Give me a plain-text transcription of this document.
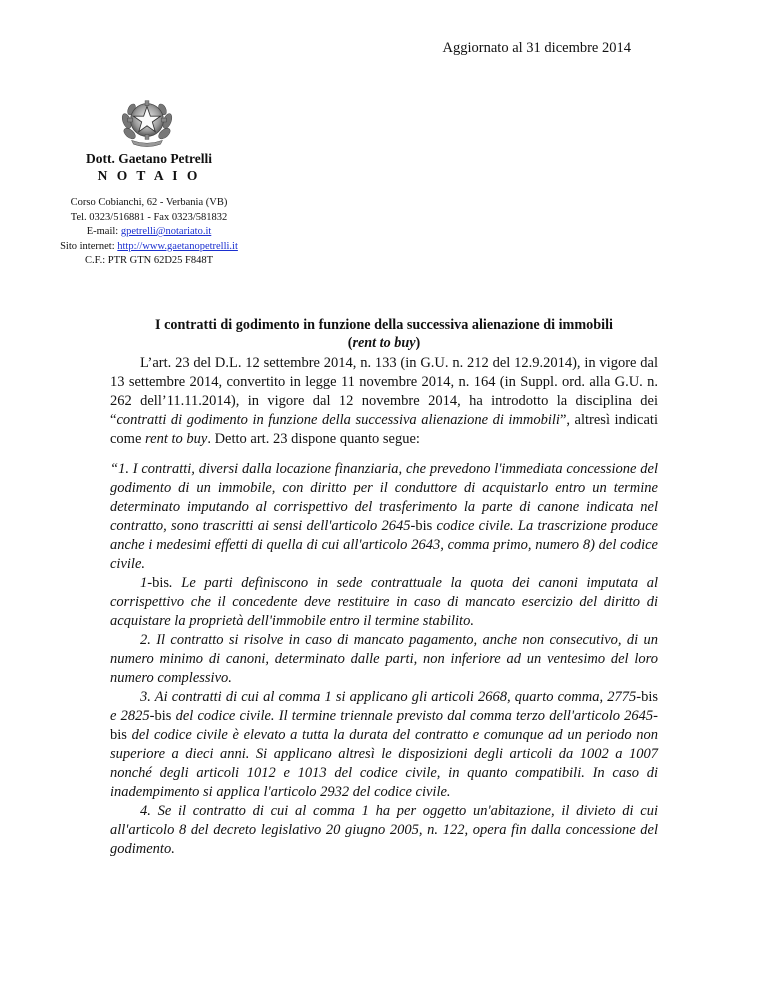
Aggiornato al 31 dicembre 2014
Dott. Gaetano Petrelli
N O T A I O
Corso Cobianchi, 62 - Verbania (VB)
Tel. 0323/516881 - Fax 0323/581832
E-mail: gpetrelli@notariato.it
Sito internet: http://www.gaetanopetrelli.it
C.F.: PTR GTN 62D25 F848T
I contratti di godimento in funzione della successiva alienazione di immobili
(rent to buy)
L’art. 23 del D.L. 12 settembre 2014, n. 133 (in G.U. n. 212 del 12.9.2014), in vigore dal 13 settembre 2014, convertito in legge 11 novembre 2014, n. 164 (in Suppl. ord. alla G.U. n. 262 dell’11.11.2014), in vigore dal 12 novembre 2014, ha introdotto la disciplina dei “contratti di godimento in funzione della successiva alienazione di immobili”, altresì indicati come rent to buy. Detto art. 23 dispone quanto segue:

“1. I contratti, diversi dalla locazione finanziaria, che prevedono l'immediata concessione del godimento di un immobile, con diritto per il conduttore di acquistarlo entro un termine determinato imputando al corrispettivo del trasferimento la parte di canone indicata nel contratto, sono trascritti ai sensi dell'articolo 2645-bis codice civile. La trascrizione produce anche i medesimi effetti di quella di cui all'articolo 2643, comma primo, numero 8) del codice civile.

1-bis. Le parti definiscono in sede contrattuale la quota dei canoni imputata al corrispettivo che il concedente deve restituire in caso di mancato esercizio del diritto di acquistare la proprietà dell'immobile entro il termine stabilito.

2. Il contratto si risolve in caso di mancato pagamento, anche non consecutivo, di un numero minimo di canoni, determinato dalle parti, non inferiore ad un ventesimo del loro numero complessivo.

3. Ai contratti di cui al comma 1 si applicano gli articoli 2668, quarto comma, 2775-bis e 2825-bis del codice civile. Il termine triennale previsto dal comma terzo dell'articolo 2645-bis del codice civile è elevato a tutta la durata del contratto e comunque ad un periodo non superiore a dieci anni. Si applicano altresì le disposizioni degli articoli da 1002 a 1007 nonché degli articoli 1012 e 1013 del codice civile, in quanto compatibili. In caso di inadempimento si applica l'articolo 2932 del codice civile.

4. Se il contratto di cui al comma 1 ha per oggetto un'abitazione, il divieto di cui all'articolo 8 del decreto legislativo 20 giugno 2005, n. 122, opera fin dalla concessione del godimento.
